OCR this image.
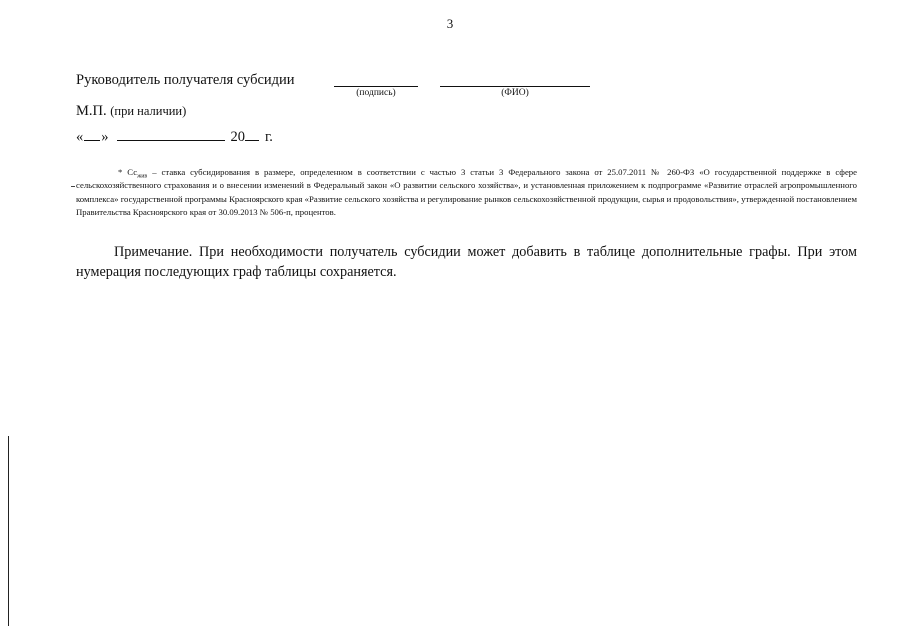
3
Руководитель получателя субсидии
(подпись)	(ФИО)
М.П. (при наличии)
« »	20 г.
* $Сс_{жив}$ – ставка субсидирования в размере, определенном в соответствии с частью 3 статьи 3 Федерального закона от 25.07.2011 № 260-ФЗ «О государственной поддержке в сфере сельскохозяйственного страхования и о внесении изменений в Федеральный закон «О развитии сельского хозяйства», и установленная приложением к подпрограмме «Развитие отраслей агропромышленного комплекса» государственной программы Красноярского края «Развитие сельского хозяйства и регулирование рынков сельскохозяйственной продукции, сырья и продовольствия», утвержденной постановлением Правительства Красноярского края от 30.09.2013 № 506-п, процентов.
Примечание. При необходимости получатель субсидии может добавить в таблице дополнительные графы. При этом нумерация последующих граф таблицы сохраняется.
